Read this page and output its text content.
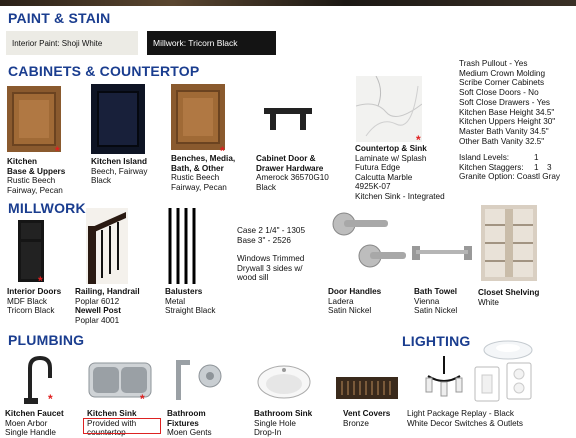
PAINT & STAIN
Interior Paint: Shoji White	Millwork: Tricorn Black
CABINETS & COUNTERTOP
*
Kitchen
Base & Uppers
Rustic Beech
Fairway, Pecan
Kitchen Island
Beech, Fairway
Black
*
Benches, Media,
Bath, & Other
Rustic Beech
Fairway, Pecan
Cabinet Door &
Drawer Hardware
Amerock 36570G10
Black
*
Countertop & Sink
Laminate w/ Splash
Futura Edge
Calcutta Marble
4925K-07
Kitchen Sink - Integrated
Trash Pullout - Yes
Medium Crown Molding
Scribe Corner Cabinets
Soft Close Doors - No
Soft Close Drawers - Yes
Kitchen Base Height 34.5"
Kitchen Uppers Height 30"
Master Bath Vanity 34.5"
Other Bath Vanity 32.5"
Island Levels:	1
Kitchen Staggers: 1 3
Granite Option: Coastl Gray
MILLWORK
*
Interior Doors
MDF Black
Tricorn Black
Railing, Handrail
Poplar 6012
Newell Post
Poplar 4001
Balusters
Metal
Straight Black
Case 2 1/4" - 1305
Base 3" - 2526
Windows Trimmed
Drywall 3 sides w/
wood sill
Door Handles
Ladera
Satin Nickel
Bath Towel
Vienna
Satin Nickel
Closet Shelving
White
PLUMBING	LIGHTING
*
Kitchen Faucet
Moen Arbor
Single Handle
*
Kitchen Sink
Provided with
countertop
Bathroom
Fixtures
Moen Gents
Bathroom Sink
Single Hole
Drop-In
Vent Covers
Bronze
Light Package Replay - Black
White Decor Switches & Outlets
